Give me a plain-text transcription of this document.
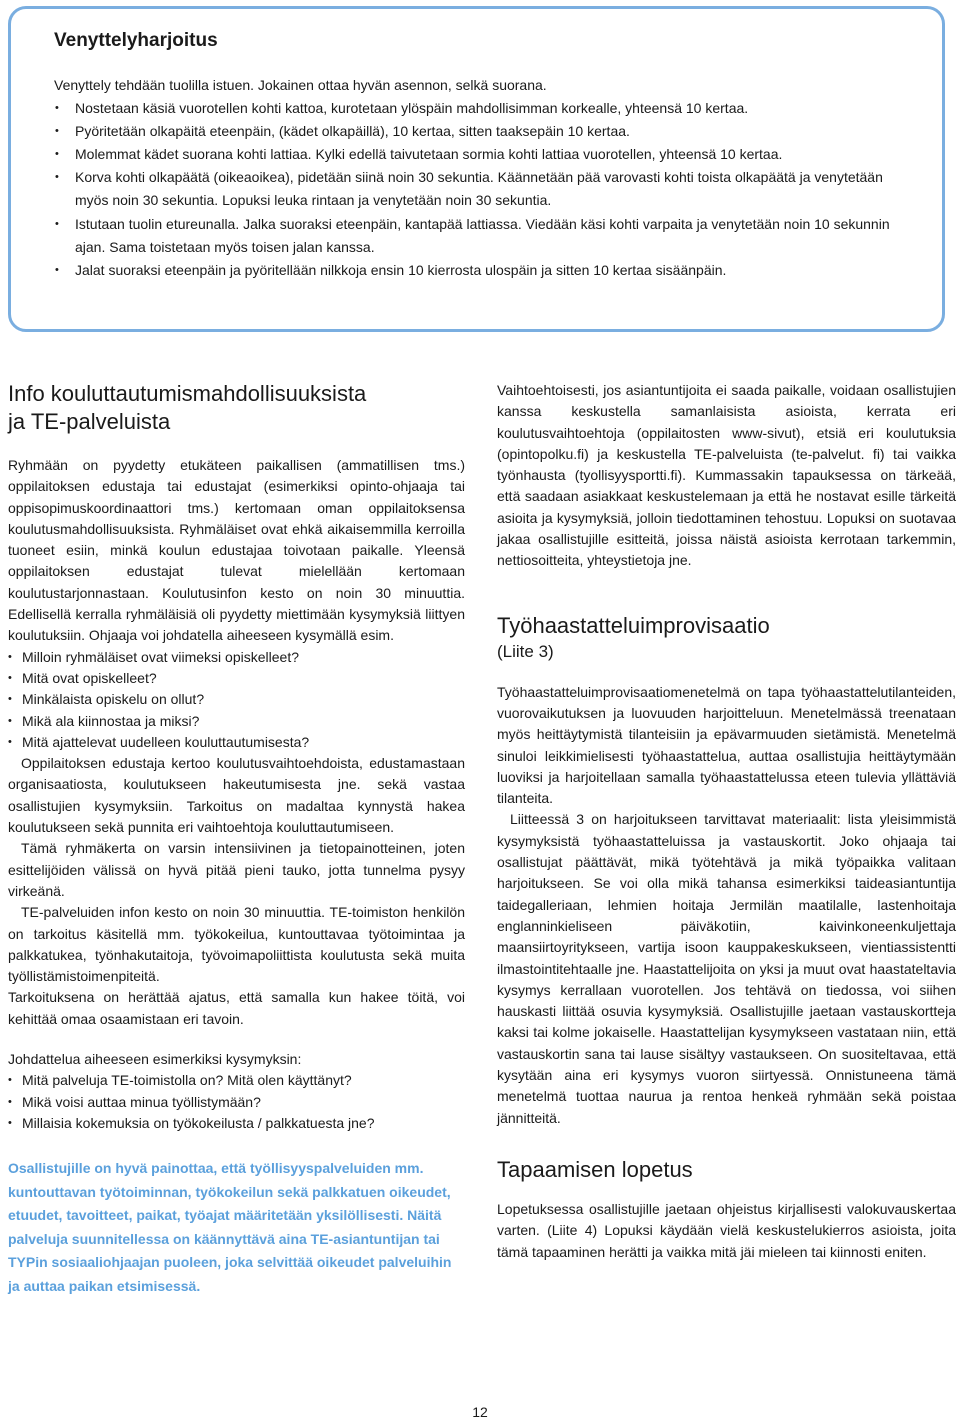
Venyttelyharjoitus

Venyttely tehdään tuolilla istuen. Jokainen ottaa hyvän asennon, selkä suorana.

• Nostetaan käsiä vuorotellen kohti kattoa, kurotetaan ylöspäin mahdollisimman korkealle, yhteensä 10 kertaa.
• Pyöritetään olkapäitä eteenpäin, (kädet olkapäillä), 10 kertaa, sitten taaksepäin 10 kertaa.
• Molemmat kädet suorana kohti lattiaa. Kylki edellä taivutetaan sormia kohti lattiaa vuorotellen, yhteensä 10 kertaa.
• Korva kohti olkapäätä (oikeaoikea), pidetään siinä noin 30 sekuntia. Käännetään pää varovasti kohti toista olkapäätä ja venytetään myös noin 30 sekuntia. Lopuksi leuka rintaan ja venytetään noin 30 sekuntia.
• Istutaan tuolin etureunalla. Jalka suoraksi eteenpäin, kantapää lattiassa. Viedään käsi kohti varpaita ja venytetään noin 10 sekunnin ajan. Sama toistetaan myös toisen jalan kanssa.
• Jalat suoraksi eteenpäin ja pyöritellään nilkkoja ensin 10 kierrosta ulospäin ja sitten 10 kertaa sisäänpäin.
Info kouluttautumismahdollisuuksista
ja TE-palveluista

Ryhmään on pyydetty etukäteen paikallisen (ammatillisen tms.) oppilaitoksen edustaja tai edustajat (esimerkiksi opinto-ohjaaja tai oppisopimuskoordinaattori tms.) kertomaan oman oppilaitoksensa koulutusmahdollisuuksista. Ryhmäläiset ovat ehkä aikaisemmilla kerroilla tuoneet esiin, minkä koulun edustajaa toivotaan paikalle. Yleensä oppilaitoksen edustajat tulevat mielellään kertomaan koulutustarjonnastaan. Koulutusinfon kesto on noin 30 minuuttia. Edellisellä kerralla ryhmäläisiä oli pyydetty miettimään kysymyksiä liittyen koulutuksiin. Ohjaaja voi johdatella aiheeseen kysymällä esim.

• Milloin ryhmäläiset ovat viimeksi opiskelleet?
• Mitä ovat opiskelleet?
• Minkälaista opiskelu on ollut?
• Mikä ala kiinnostaa ja miksi?
• Mitä ajattelevat uudelleen kouluttautumisesta?

Oppilaitoksen edustaja kertoo koulutusvaihtoehdoista, edustamastaan organisaatiosta, koulutukseen hakeutumisesta jne. sekä vastaa osallistujien kysymyksiin. Tarkoitus on madaltaa kynnystä hakea koulutukseen sekä punnita eri vaihtoehtoja kouluttautumiseen.

Tämä ryhmäkerta on varsin intensiivinen ja tietopainotteinen, joten esittelijöiden välissä on hyvä pitää pieni tauko, jotta tunnelma pysyy virkeänä.

TE-palveluiden infon kesto on noin 30 minuuttia. TE-toimiston henkilön on tarkoitus käsitellä mm. työkokeilua, kuntouttavaa työtoimintaa ja palkkatukea, työnhakutaitoja, työvoimapoliittista koulutusta sekä muita työllistämistoimenpiteitä.

Tarkoituksena on herättää ajatus, että samalla kun hakee töitä, voi kehittää omaa osaamistaan eri tavoin.

Johdattelua aiheeseen esimerkiksi kysymyksin:

• Mitä palveluja TE-toimistolla on? Mitä olen käyttänyt?
• Mikä voisi auttaa minua työllistymään?
• Millaisia kokemuksia on työkokeilusta / palkkatuesta jne?

Osallistujille on hyvä painottaa, että työllisyyspalveluiden mm. kuntouttavan työtoiminnan, työkokeilun sekä palkkatuen oikeudet, etuudet, tavoitteet, paikat, työajat määritetään yksilöllisesti. Näitä palveluja suunnitellessa on käännyttävä aina TE-asiantuntijan tai TYPin sosiaaliohjaajan puoleen, joka selvittää oikeudet palveluihin ja auttaa paikan etsimisessä.

Vaihtoehtoisesti, jos asiantuntijoita ei saada paikalle, voidaan osallistujien kanssa keskustella samanlaisista asioista, kerrata eri koulutusvaihtoehtoja (oppilaitosten www-sivut), etsiä eri koulutuksia (opintopolku.fi) ja keskustella TE-palveluista (te-palvelut. fi) tai vaikka työnhausta (tyollisyysportti.fi). Kummassakin tapauksessa on tärkeää, että saadaan asiakkaat keskustelemaan ja että he nostavat esille tärkeitä asioita ja kysymyksiä, jolloin tiedottaminen tehostuu. Lopuksi on suotavaa jakaa osallistujille esitteitä, joissa näistä asioista kerrotaan tarkemmin, nettiosoitteita, yhteystietoja jne.

Työhaastatteluimprovisaatio

(Liite 3)

Työhaastatteluimprovisaatiomenetelmä on tapa työhaastattelutilanteiden, vuorovaikutuksen ja luovuuden harjoitteluun. Menetelmässä treenataan myös heittäytymistä tilanteisiin ja epävarmuuden sietämistä. Menetelmä sinuloi leikkimielisesti työhaastattelua, auttaa osallistujia heittäytymään luoviksi ja harjoitellaan samalla työhaastattelussa eteen tulevia yllättäviä tilanteita.

Liitteessä 3 on harjoitukseen tarvittavat materiaalit: lista yleisimmistä kysymyksistä työhaastatteluissa ja vastauskortit. Joko ohjaaja tai osallistujat päättävät, mikä työtehtävä ja mikä työpaikka valitaan harjoitukseen. Se voi olla mikä tahansa esimerkiksi taideasiantuntija taidegalleriaan, lehmien hoitaja Jermilän maatilalle, lastenhoitaja englanninkieliseen päiväkotiin, kaivinkoneenkuljettaja maansiirtoyritykseen, vartija isoon kauppakeskukseen, vientiassistentti ilmastointitehtaalle jne. Haastattelijoita on yksi ja muut ovat haastateltavia kysymys kerrallaan vuorotellen. Jos tehtävä on tiedossa, voi siihen hauskasti liittää osuvia kysymyksiä. Osallistujille jaetaan vastauskortteja kaksi tai kolme jokaiselle. Haastattelijan kysymykseen vastataan niin, että vastauskortin sana tai lause sisältyy vastaukseen. On suositeltavaa, että kysytään aina eri kysymys vuoron siirtyessä. Onnistuneena tämä menetelmä tuottaa naurua ja rentoa henkeä ryhmään sekä poistaa jännitteitä.

Tapaamisen lopetus

Lopetuksessa osallistujille jaetaan ohjeistus kirjallisesti valokuvauskertaa varten. (Liite 4) Lopuksi käydään vielä keskustelukierros asioista, joita tämä tapaaminen herätti ja vaikka mitä jäi mieleen tai kiinnosti eniten.

12
